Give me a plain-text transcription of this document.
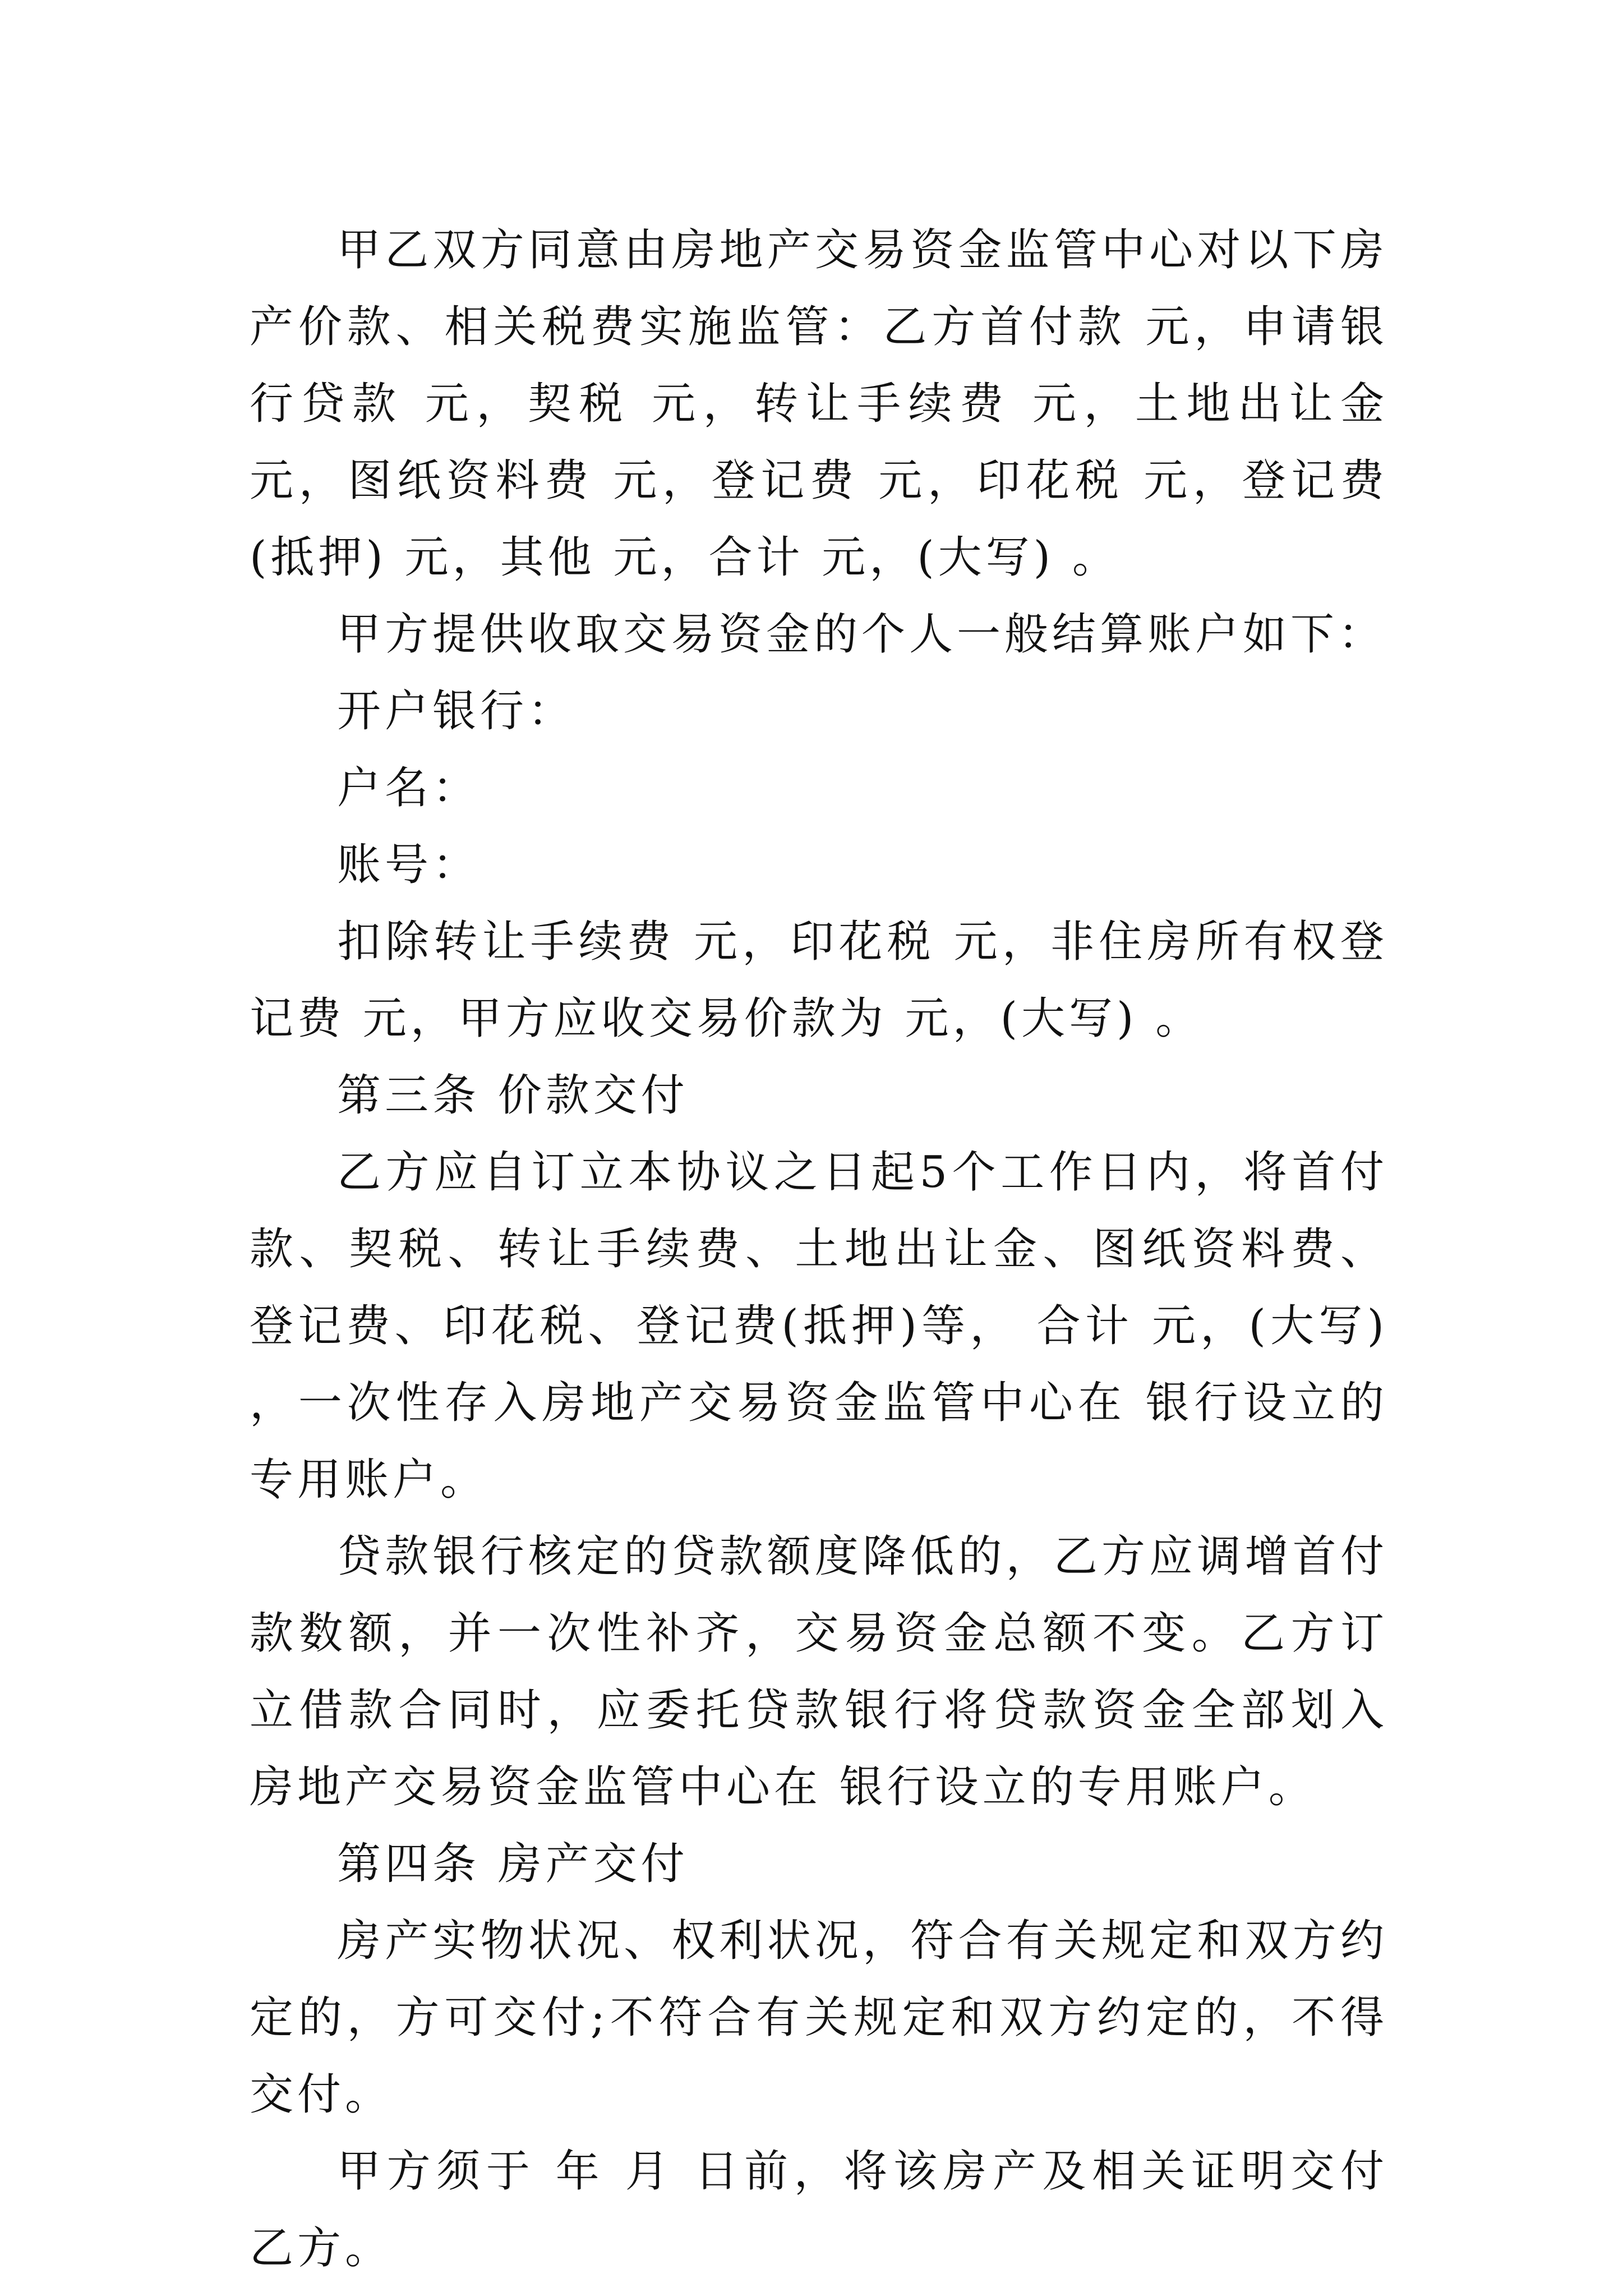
甲乙双方同意由房地产交易资金监管中心对以下房产价款、相关税费实施监管：乙方首付款 元，申请银行贷款 元，契税 元，转让手续费 元，土地出让金 元，图纸资料费 元，登记费 元，印花税 元，登记费(抵押) 元，其他 元，合计 元，(大写) 。

甲方提供收取交易资金的个人一般结算账户如下：

开户银行：

户名：

账号：

扣除转让手续费 元，印花税 元，非住房所有权登记费 元，甲方应收交易价款为 元，(大写) 。

第三条 价款交付

乙方应自订立本协议之日起5个工作日内，将首付款、契税、转让手续费、土地出让金、图纸资料费、登记费、印花税、登记费(抵押)等， 合计 元，(大写) ，一次性存入房地产交易资金监管中心在 银行设立的专用账户。

贷款银行核定的贷款额度降低的，乙方应调增首付款数额，并一次性补齐，交易资金总额不变。乙方订立借款合同时，应委托贷款银行将贷款资金全部划入房地产交易资金监管中心在 银行设立的专用账户。

第四条 房产交付

房产实物状况、权利状况，符合有关规定和双方约定的，方可交付;不符合有关规定和双方约定的，不得交付。

甲方须于 年 月 日前，将该房产及相关证明交付乙方。
